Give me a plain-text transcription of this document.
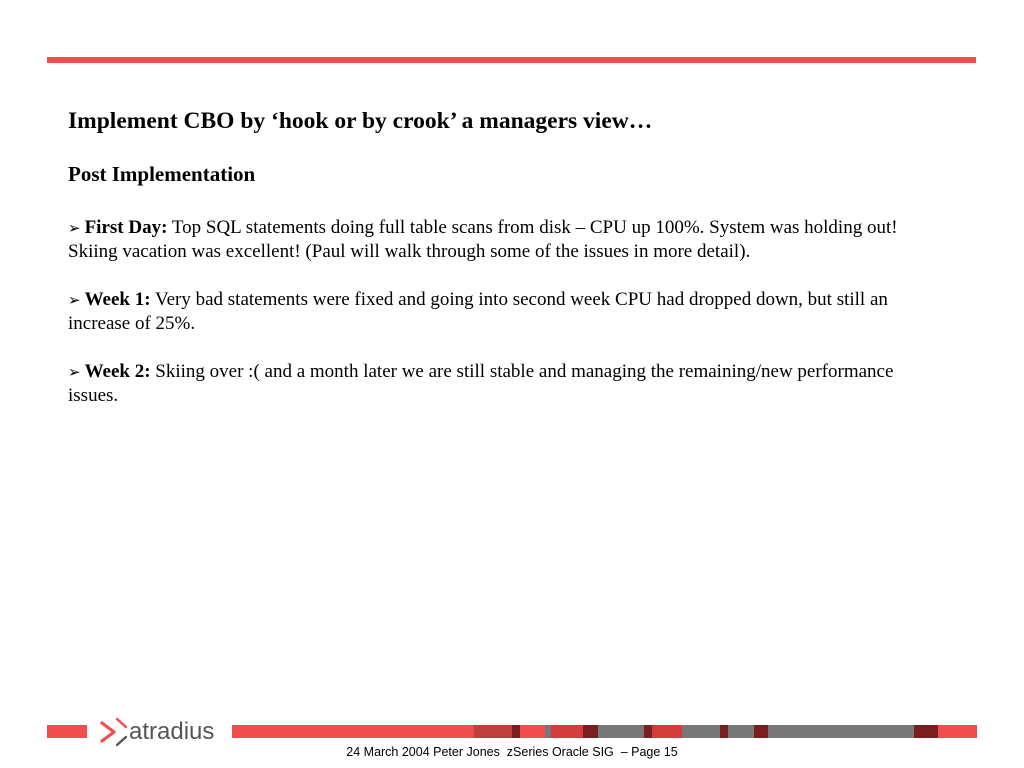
Implement CBO by ‘hook or by crook’ a managers view…
Post Implementation

➢ First Day: Top SQL statements doing full table scans from disk – CPU up 100%. System was holding out! Skiing vacation was excellent! (Paul will walk through some of the issues in more detail).

➢ Week 1: Very bad statements were fixed and going into second week CPU had dropped down, but still an increase of 25%.

➢ Week 2: Skiing over :( and a month later we are still stable and managing the remaining/new performance issues.

atradius
24 March 2004 Peter Jones  zSeries Oracle SIG  – Page 15
